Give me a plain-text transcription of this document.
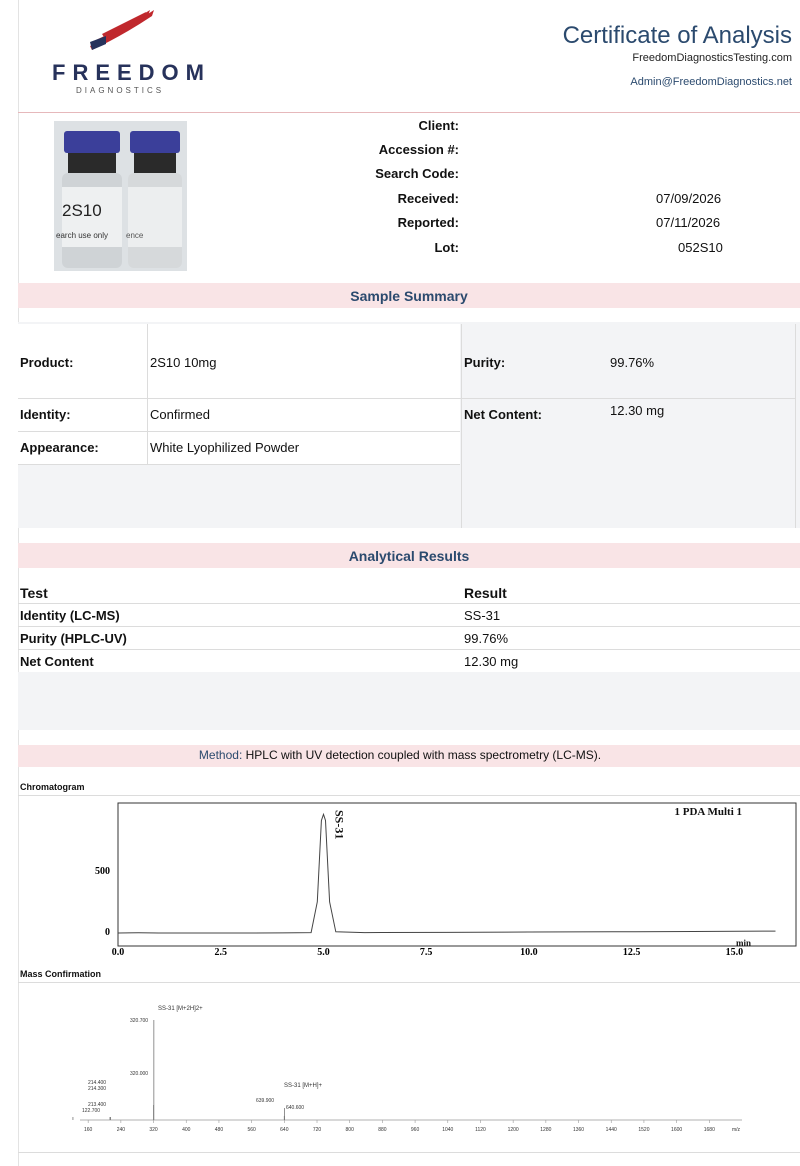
FREEDOM
DIAGNOSTICS
Certificate of Analysis
FreedomDiagnosticsTesting.com
Admin@FreedomDiagnostics.net
2S10
earch use only ence
Client:
Accession #:
Search Code:
Received:	07/09/2026
Reported:	07/11/2026
Lot:	052S10
Sample Summary
Product:	2S10 10mg	Purity:	99.76%
Identity:	Confirmed	Net Content:	12.30 mg
Appearance:	White Lyophilized Powder
Analytical Results
Test	Result
Identity (LC-MS)	SS-31
Purity (HPLC-UV)	99.76%
Net Content	12.30 mg
Method: HPLC with UV detection coupled with mass spectrometry (LC-MS).
Chromatogram
0.0	2.5	5.0	7.5	10.0	12.5	15.0
0
500
SS-31	1 PDA Multi 1
min
Mass Confirmation
160	240	320	400	480	560	640	720	800	880	960	1040	1120	1200	1280	1360	1440	1520	1600	1680
SS-31 [M+2H]2+
SS-31 [M+H]+
320.700
320.000
214.400
214.300
213.400
122.700
639.900
640.600
m/z
